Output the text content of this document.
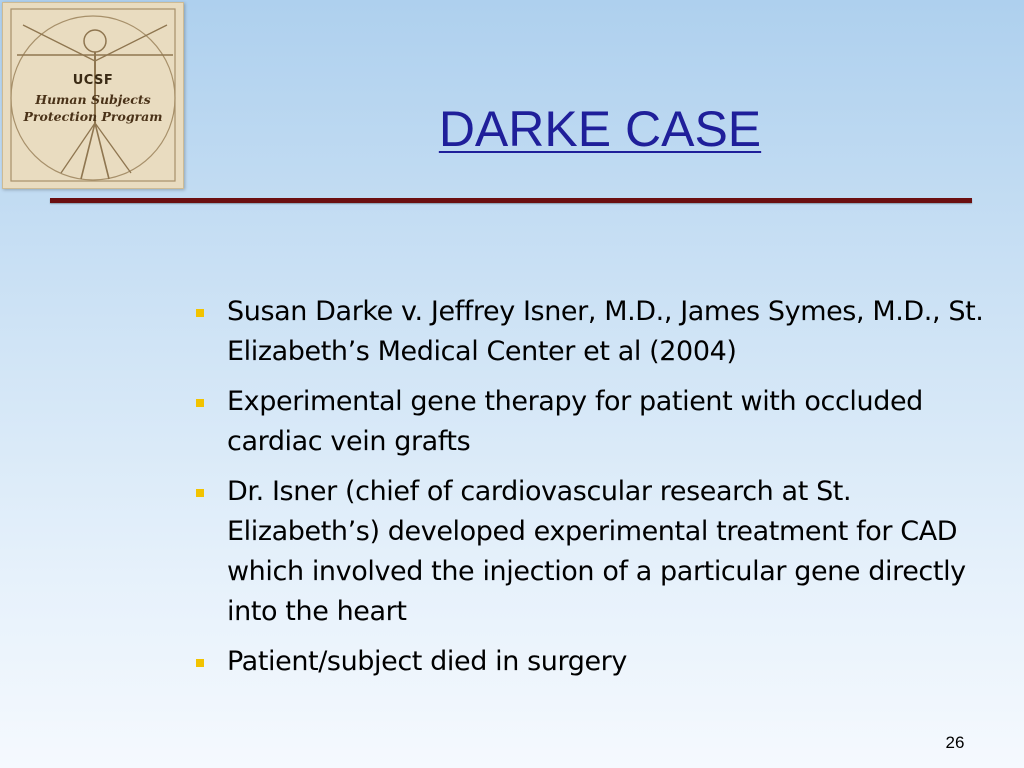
UCSF
Human Subjects
Protection Program	DARKE CASE
Susan Darke v. Jeffrey Isner, M.D., James Symes, M.D., St. Elizabeth’s Medical Center et al (2004)
Experimental gene therapy for patient with occluded cardiac vein grafts
Dr. Isner (chief of cardiovascular research at St. Elizabeth’s) developed experimental treatment for CAD which involved the injection of a particular gene directly into the heart
Patient/subject died in surgery
26
